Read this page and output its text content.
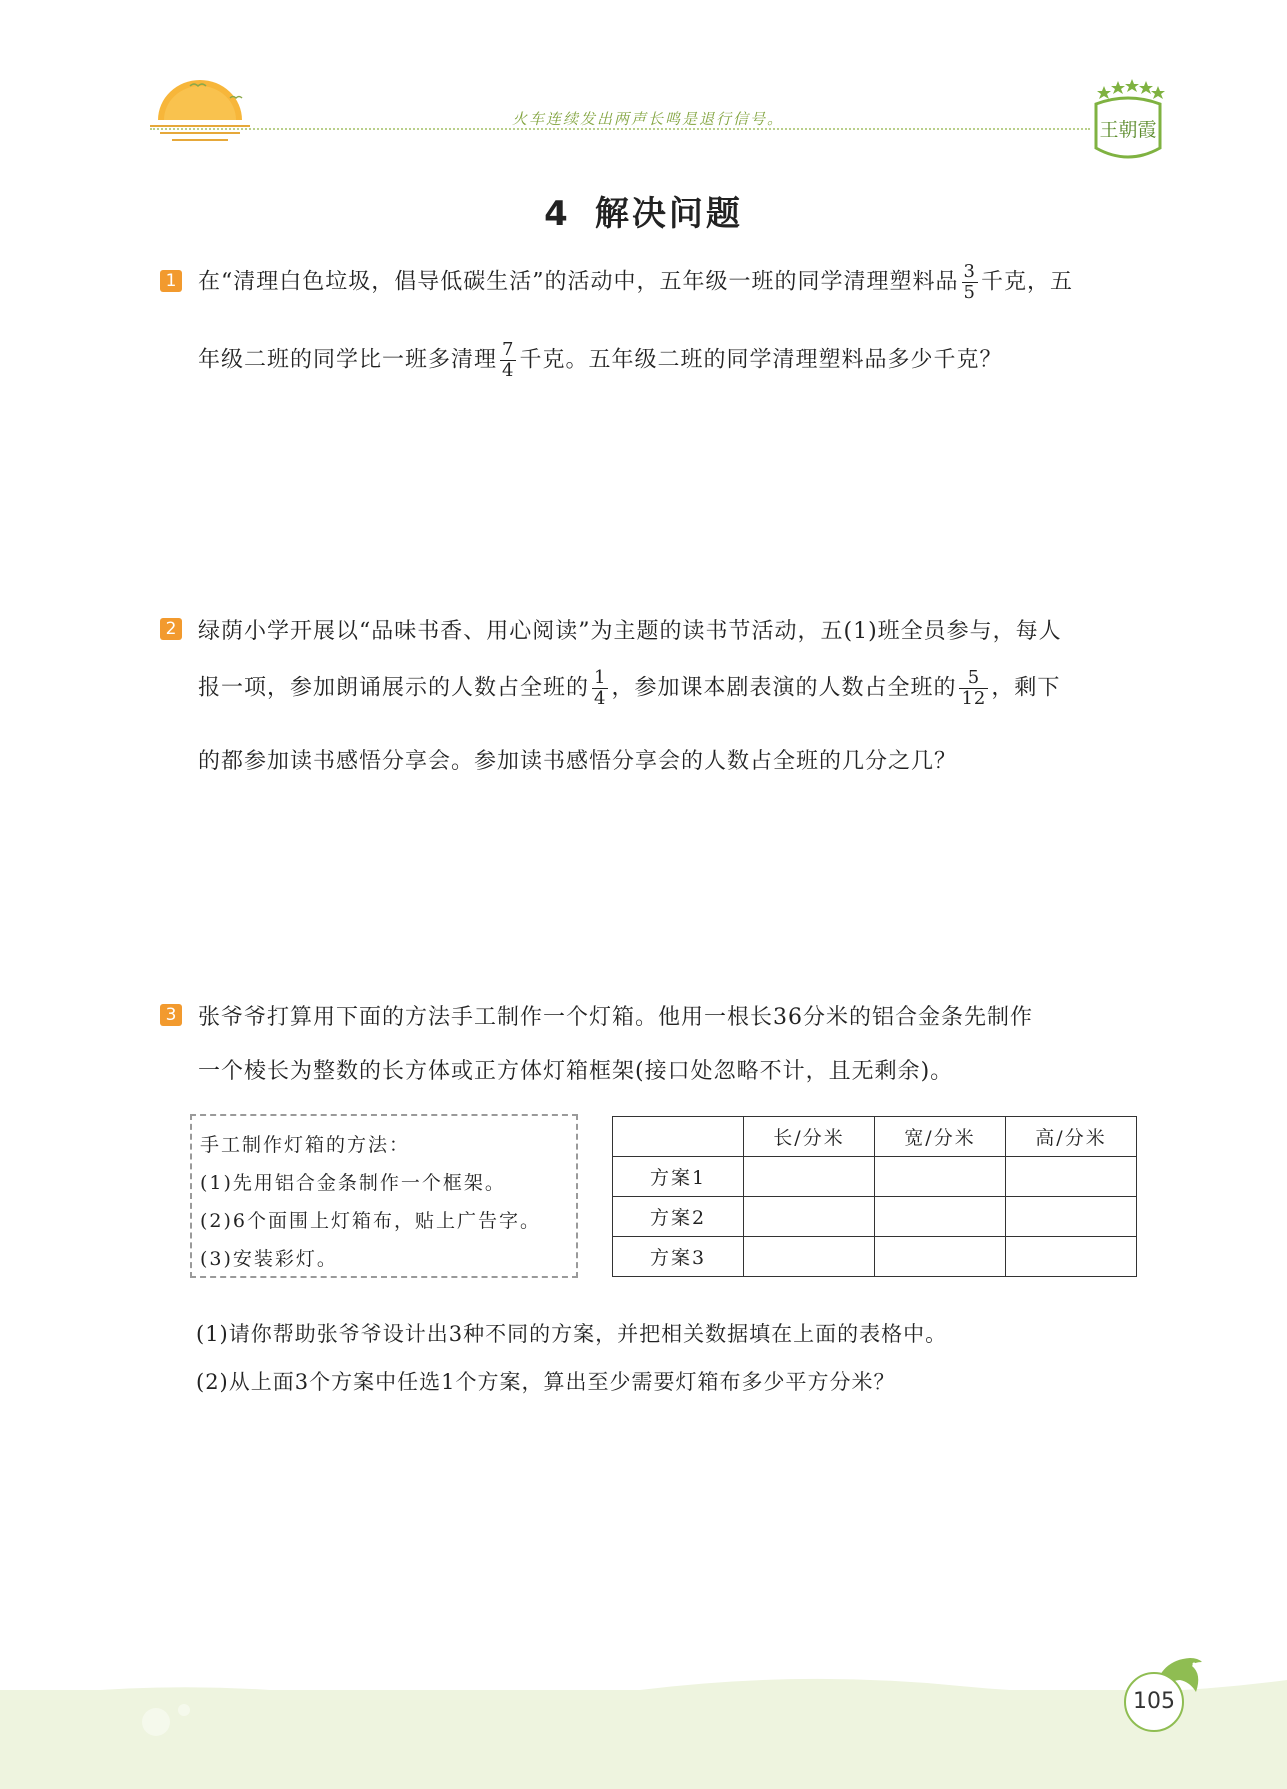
火车连续发出两声长鸣是退行信号。	王朝霞
4 解决问题
1 在“清理白色垃圾，倡导低碳生活”的活动中，五年级一班的同学清理塑料品 $\frac{3}{5}$ 千克，五
年级二班的同学比一班多清理 $\frac{7}{4}$ 千克。五年级二班的同学清理塑料品多少千克？
2 绿荫小学开展以“品味书香、用心阅读”为主题的读书节活动，五(1)班全员参与，每人
报一项，参加朗诵展示的人数占全班的 $\frac{1}{4}$ ，参加课本剧表演的人数占全班的 $\frac{5}{12}$ ，剩下
的都参加读书感悟分享会。参加读书感悟分享会的人数占全班的几分之几？
3 张爷爷打算用下面的方法手工制作一个灯箱。他用一根长36分米的铝合金条先制作
一个棱长为整数的长方体或正方体灯箱框架(接口处忽略不计，且无剩余)。
手工制作灯箱的方法：
(1)先用铝合金条制作一个框架。
(2)6个面围上灯箱布，贴上广告字。
(3)安装彩灯。
	长/分米	宽/分米	高/分米
方案1			
方案2			
方案3			
(1)请你帮助张爷爷设计出3种不同的方案，并把相关数据填在上面的表格中。
(2)从上面3个方案中任选1个方案，算出至少需要灯箱布多少平方分米？
105
